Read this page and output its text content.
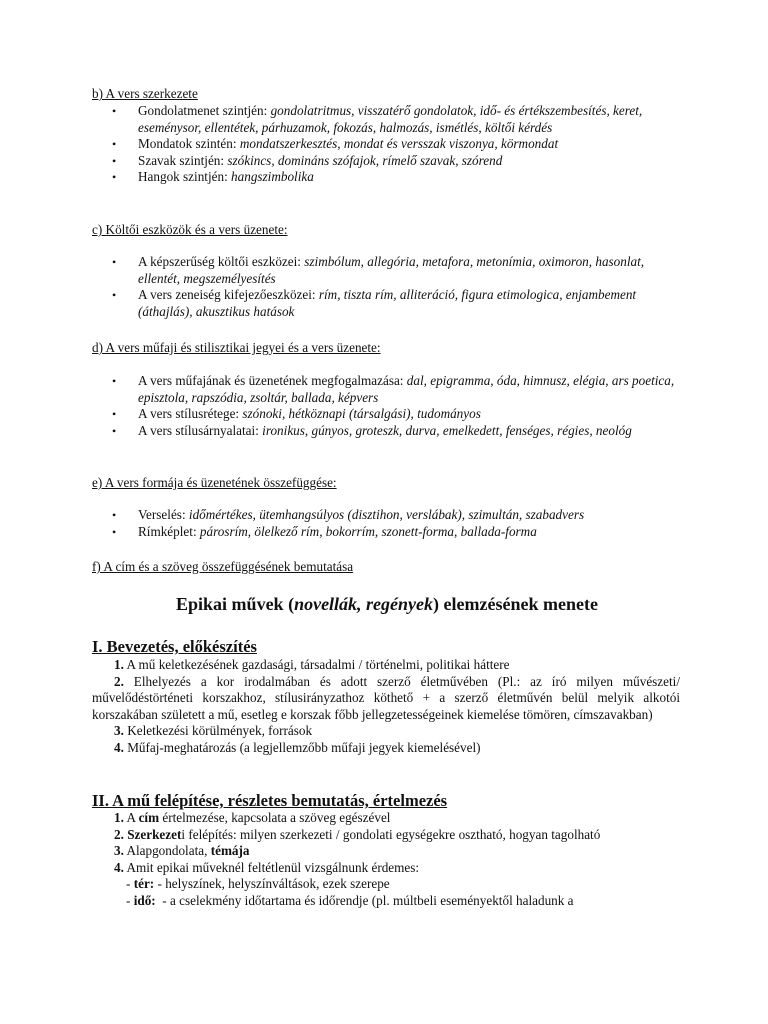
b) A vers szerkezete
• Gondolatmenet szintjén: gondolatritmus, visszatérő gondolatok, idő- és értékszembesítés, keret, eseménysor, ellentétek, párhuzamok, fokozás, halmozás, ismétlés, költői kérdés
• Mondatok szintén: mondatszerkesztés, mondat és versszak viszonya, körmondat
• Szavak szintjén: szókincs, domináns szófajok, rímelő szavak, szórend
• Hangok szintjén: hangszimbolika
c) Költői eszközök és a vers üzenete:
• A képszerűség költői eszközei: szimbólum, allegória, metafora, metonímia, oximoron, hasonlat, ellentét, megszemélyesítés
• A vers zeneiség kifejezőeszközei: rím, tiszta rím, alliteráció, figura etimologica, enjambement (áthajlás), akusztikus hatások
d) A vers műfaji és stilisztikai jegyei és a vers üzenete:
• A vers műfajának és üzenetének megfogalmazása: dal, epigramma, óda, himnusz, elégia, ars poetica, episztola, rapszódia, zsoltár, ballada, képvers
• A vers stílusrétege: szónoki, hétköznapi (társalgási), tudományos
• A vers stílusárnyalatai: ironikus, gúnyos, groteszk, durva, emelkedett, fenséges, régies, neológ
e) A vers formája és üzenetének összefüggése:
• Verselés: időmértékes, ütemhangsúlyos (disztihon, verslábak), szimultán, szabadvers
• Rímképlet: párosrím, ölelkező rím, bokorrím, szonett-forma, ballada-forma
f) A cím és a szöveg összefüggésének bemutatása
Epikai művek (novellák, regények) elemzésének menete
I. Bevezetés, előkészítés
1. A mű keletkezésének gazdasági, társadalmi / történelmi, politikai háttere
2. Elhelyezés a kor irodalmában és adott szerző életművében (Pl.: az író milyen művészeti/ művelődéstörténeti korszakhoz, stílusirányzathoz köthető + a szerző életművén belül melyik alkotói korszakában született a mű, esetleg e korszak főbb jellegzetességeinek kiemelése tömören, címszavakban)
3. Keletkezési körülmények, források
4. Műfaj-meghatározás (a legjellemzőbb műfaji jegyek kiemelésével)
II. A mű felépítése, részletes bemutatás, értelmezés
1. A cím értelmezése, kapcsolata a szöveg egészével
2. Szerkezeti felépítés: milyen szerkezeti / gondolati egységekre osztható, hogyan tagolható
3. Alapgondolata, témája
4. Amit epikai műveknél feltétlenül vizsgálnunk érdemes:
- tér: - helyszínek, helyszínváltások, ezek szerepe
- idő:  - a cselekmény időtartama és időrendje (pl. múltbeli eseményektől haladunk a
